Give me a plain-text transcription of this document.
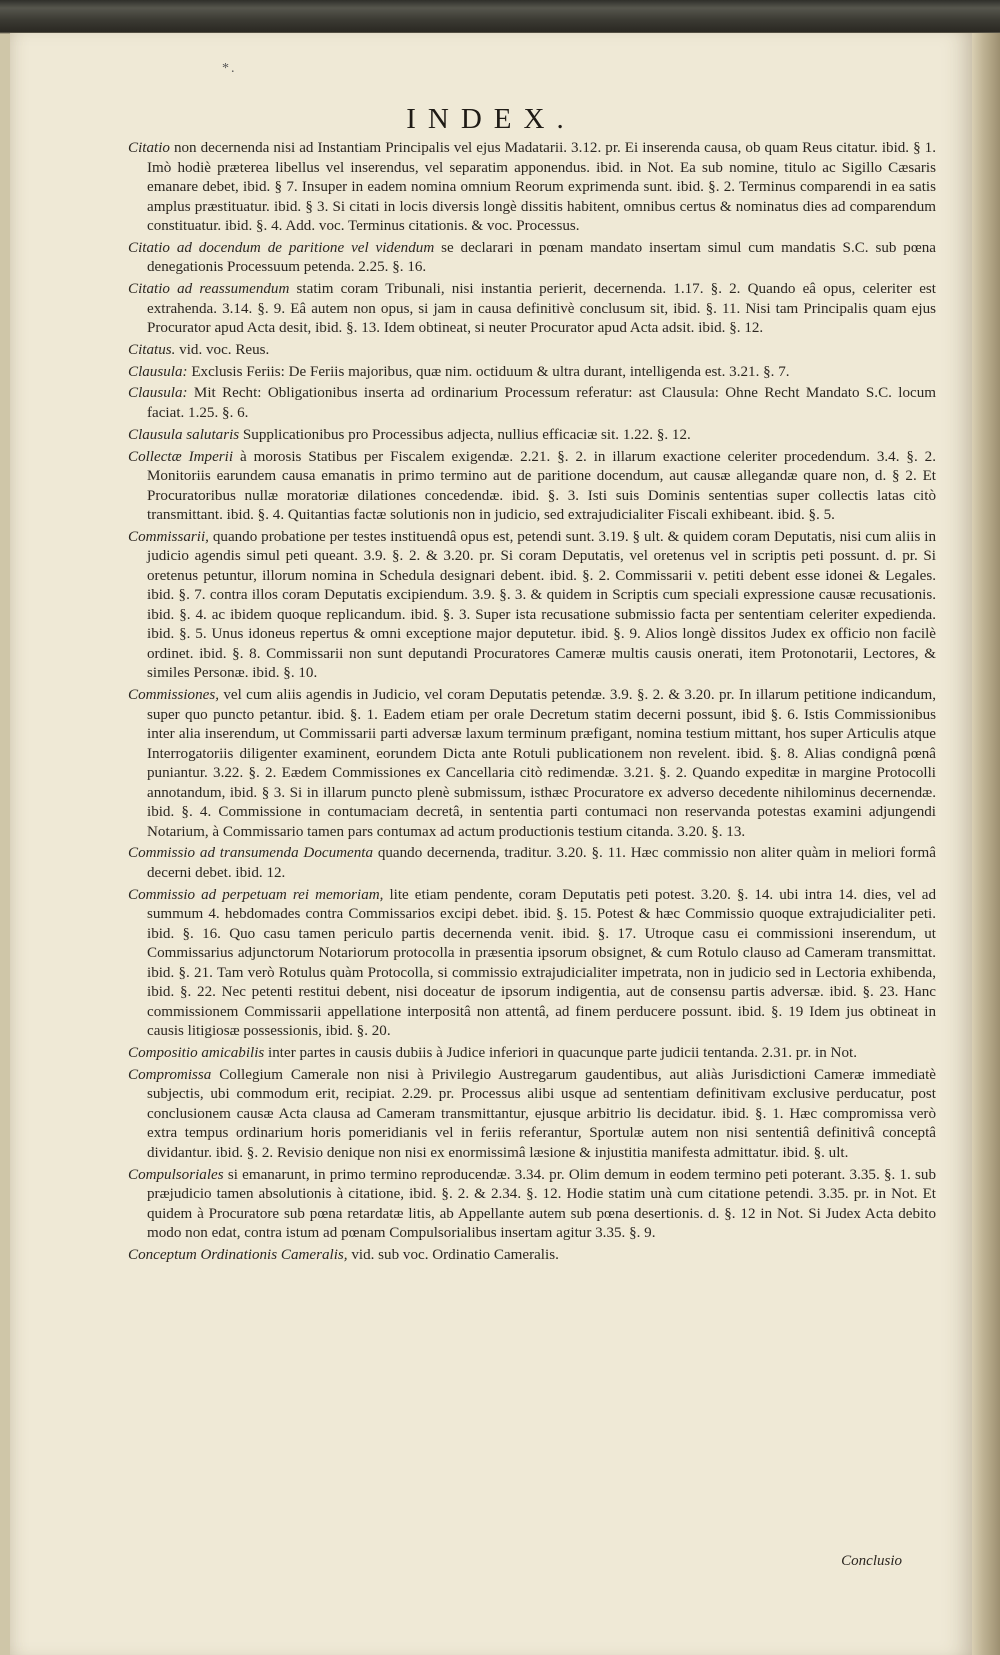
*.
INDEX.

Citatio non decernenda nisi ad Instantiam Principalis vel ejus Madatarii. 3.12. pr. Ei inserenda causa, ob quam Reus citatur. ibid. § 1. Imò hodiè præterea libellus vel inserendus, vel separatim apponendus. ibid. in Not. Ea sub nomine, titulo ac Sigillo Cæsaris emanare debet, ibid. § 7. Insuper in eadem nomina omnium Reorum exprimenda sunt. ibid. §. 2. Terminus comparendi in ea satis amplus præstituatur. ibid. § 3. Si citati in locis diversis longè dissitis habitent, omnibus certus & nominatus dies ad comparendum constituatur. ibid. §. 4. Add. voc. Terminus citationis. & voc. Processus.

Citatio ad docendum de paritione vel videndum se declarari in pœnam mandato insertam simul cum mandatis S.C. sub pœna denegationis Processuum petenda. 2.25. §. 16.

Citatio ad reassumendum statim coram Tribunali, nisi instantia perierit, decernenda. 1.17. §. 2. Quando eâ opus, celeriter est extrahenda. 3.14. §. 9. Eâ autem non opus, si jam in causa definitivè conclusum sit, ibid. §. 11. Nisi tam Principalis quam ejus Procurator apud Acta desit, ibid. §. 13. Idem obtineat, si neuter Procurator apud Acta adsit. ibid. §. 12.

Citatus. vid. voc. Reus.

Clausula: Exclusis Feriis: De Feriis majoribus, quæ nim. octiduum & ultra durant, intelligenda est. 3.21. §. 7.

Clausula: Mit Recht: Obligationibus inserta ad ordinarium Processum referatur: ast Clausula: Ohne Recht Mandato S.C. locum faciat. 1.25. §. 6.

Clausula salutaris Supplicationibus pro Processibus adjecta, nullius efficaciæ sit. 1.22. §. 12.

Collectæ Imperii à morosis Statibus per Fiscalem exigendæ. 2.21. §. 2. in illarum exactione celeriter procedendum. 3.4. §. 2. Monitoriis earundem causa emanatis in primo termino aut de paritione docendum, aut causæ allegandæ quare non, d. § 2. Et Procuratoribus nullæ moratoriæ dilationes concedendæ. ibid. §. 3. Isti suis Dominis sententias super collectis latas citò transmittant. ibid. §. 4. Quitantias factæ solutionis non in judicio, sed extrajudicialiter Fiscali exhibeant. ibid. §. 5.

Commissarii, quando probatione per testes instituendâ opus est, petendi sunt. 3.19. § ult. & quidem coram Deputatis, nisi cum aliis in judicio agendis simul peti queant. 3.9. §. 2. & 3.20. pr. Si coram Deputatis, vel oretenus vel in scriptis peti possunt. d. pr. Si oretenus petuntur, illorum nomina in Schedula designari debent. ibid. §. 2. Commissarii v. petiti debent esse idonei & Legales. ibid. §. 7. contra illos coram Deputatis excipiendum. 3.9. §. 3. & quidem in Scriptis cum speciali expressione causæ recusationis. ibid. §. 4. ac ibidem quoque replicandum. ibid. §. 3. Super ista recusatione submissio facta per sententiam celeriter expedienda. ibid. §. 5. Unus idoneus repertus & omni exceptione major deputetur. ibid. §. 9. Alios longè dissitos Judex ex officio non facilè ordinet. ibid. §. 8. Commissarii non sunt deputandi Procuratores Cameræ multis causis onerati, item Protonotarii, Lectores, & similes Personæ. ibid. §. 10.

Commissiones, vel cum aliis agendis in Judicio, vel coram Deputatis petendæ. 3.9. §. 2. & 3.20. pr. In illarum petitione indicandum, super quo puncto petantur. ibid. §. 1. Eadem etiam per orale Decretum statim decerni possunt, ibid §. 6. Istis Commissionibus inter alia inserendum, ut Commissarii parti adversæ laxum terminum præfigant, nomina testium mittant, hos super Articulis atque Interrogatoriis diligenter examinent, eorundem Dicta ante Rotuli publicationem non revelent. ibid. §. 8. Alias condignâ pœnâ puniantur. 3.22. §. 2. Eædem Commissiones ex Cancellaria citò redimendæ. 3.21. §. 2. Quando expeditæ in margine Protocolli annotandum, ibid. § 3. Si in illarum puncto plenè submissum, isthæc Procuratore ex adverso decedente nihilominus decernendæ. ibid. §. 4. Commissione in contumaciam decretâ, in sententia parti contumaci non reservanda potestas examini adjungendi Notarium, à Commissario tamen pars contumax ad actum productionis testium citanda. 3.20. §. 13.

Commissio ad transumenda Documenta quando decernenda, traditur. 3.20. §. 11. Hæc commissio non aliter quàm in meliori formâ decerni debet. ibid. 12.

Commissio ad perpetuam rei memoriam, lite etiam pendente, coram Deputatis peti potest. 3.20. §. 14. ubi intra 14. dies, vel ad summum 4. hebdomades contra Commissarios excipi debet. ibid. §. 15. Potest & hæc Commissio quoque extrajudicialiter peti. ibid. §. 16. Quo casu tamen periculo partis decernenda venit. ibid. §. 17. Utroque casu ei commissioni inserendum, ut Commissarius adjunctorum Notariorum protocolla in præsentia ipsorum obsignet, & cum Rotulo clauso ad Cameram transmittat. ibid. §. 21. Tam verò Rotulus quàm Protocolla, si commissio extrajudicialiter impetrata, non in judicio sed in Lectoria exhibenda, ibid. §. 22. Nec petenti restitui debent, nisi doceatur de ipsorum indigentia, aut de consensu partis adversæ. ibid. §. 23. Hanc commissionem Commissarii appellatione interpositâ non attentâ, ad finem perducere possunt. ibid. §. 19 Idem jus obtineat in causis litigiosæ possessionis, ibid. §. 20.

Compositio amicabilis inter partes in causis dubiis à Judice inferiori in quacunque parte judicii tentanda. 2.31. pr. in Not.

Compromissa Collegium Camerale non nisi à Privilegio Austregarum gaudentibus, aut aliàs Jurisdictioni Cameræ immediatè subjectis, ubi commodum erit, recipiat. 2.29. pr. Processus alibi usque ad sententiam definitivam exclusive perducatur, post conclusionem causæ Acta clausa ad Cameram transmittantur, ejusque arbitrio lis decidatur. ibid. §. 1. Hæc compromissa verò extra tempus ordinarium horis pomeridianis vel in feriis referantur, Sportulæ autem non nisi sententiâ definitivâ conceptâ dividantur. ibid. §. 2. Revisio denique non nisi ex enormissimâ læsione & injustitia manifesta admittatur. ibid. §. ult.

Compulsoriales si emanarunt, in primo termino reproducendæ. 3.34. pr. Olim demum in eodem termino peti poterant. 3.35. §. 1. sub præjudicio tamen absolutionis à citatione, ibid. §. 2. & 2.34. §. 12. Hodie statim unà cum citatione petendi. 3.35. pr. in Not. Et quidem à Procuratore sub pœna retardatæ litis, ab Appellante autem sub pœna desertionis. d. §. 12 in Not. Si Judex Acta debito modo non edat, contra istum ad pœnam Compulsorialibus insertam agitur 3.35. §. 9.

Conceptum Ordinationis Cameralis, vid. sub voc. Ordinatio Cameralis.

Conclusio
